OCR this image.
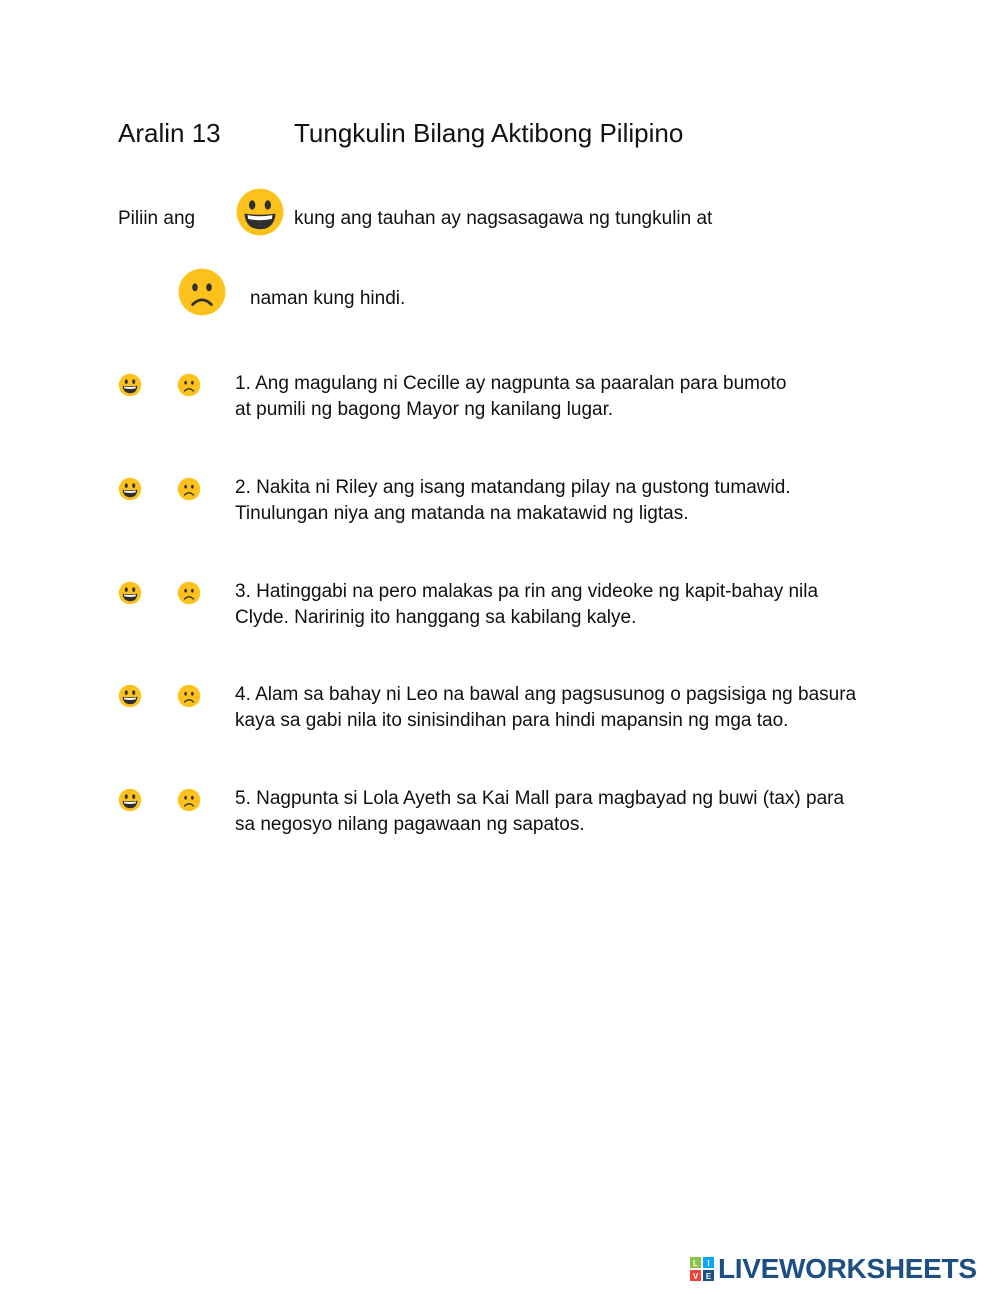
Aralin 13	Tungkulin Bilang Aktibong Pilipino
Piliin ang	kung ang tauhan ay nagsasagawa ng tungkulin at
naman kung hindi.
1. Ang magulang ni Cecille ay nagpunta sa paaralan para bumoto
at pumili ng bagong Mayor ng kanilang lugar.
2. Nakita ni Riley ang isang matandang pilay na gustong tumawid.
Tinulungan niya ang matanda na makatawid ng ligtas.
3. Hatinggabi na pero malakas pa rin ang videoke ng kapit-bahay nila
Clyde. Naririnig ito hanggang sa kabilang kalye.
4. Alam sa bahay ni Leo na bawal ang pagsusunog o pagsisiga ng basura
kaya sa gabi nila ito sinisindihan para hindi mapansin ng mga tao.
5. Nagpunta si Lola Ayeth sa Kai Mall para magbayad ng buwi (tax) para
sa negosyo nilang pagawaan ng sapatos.
L I
V E LIVEWORKSHEETS
